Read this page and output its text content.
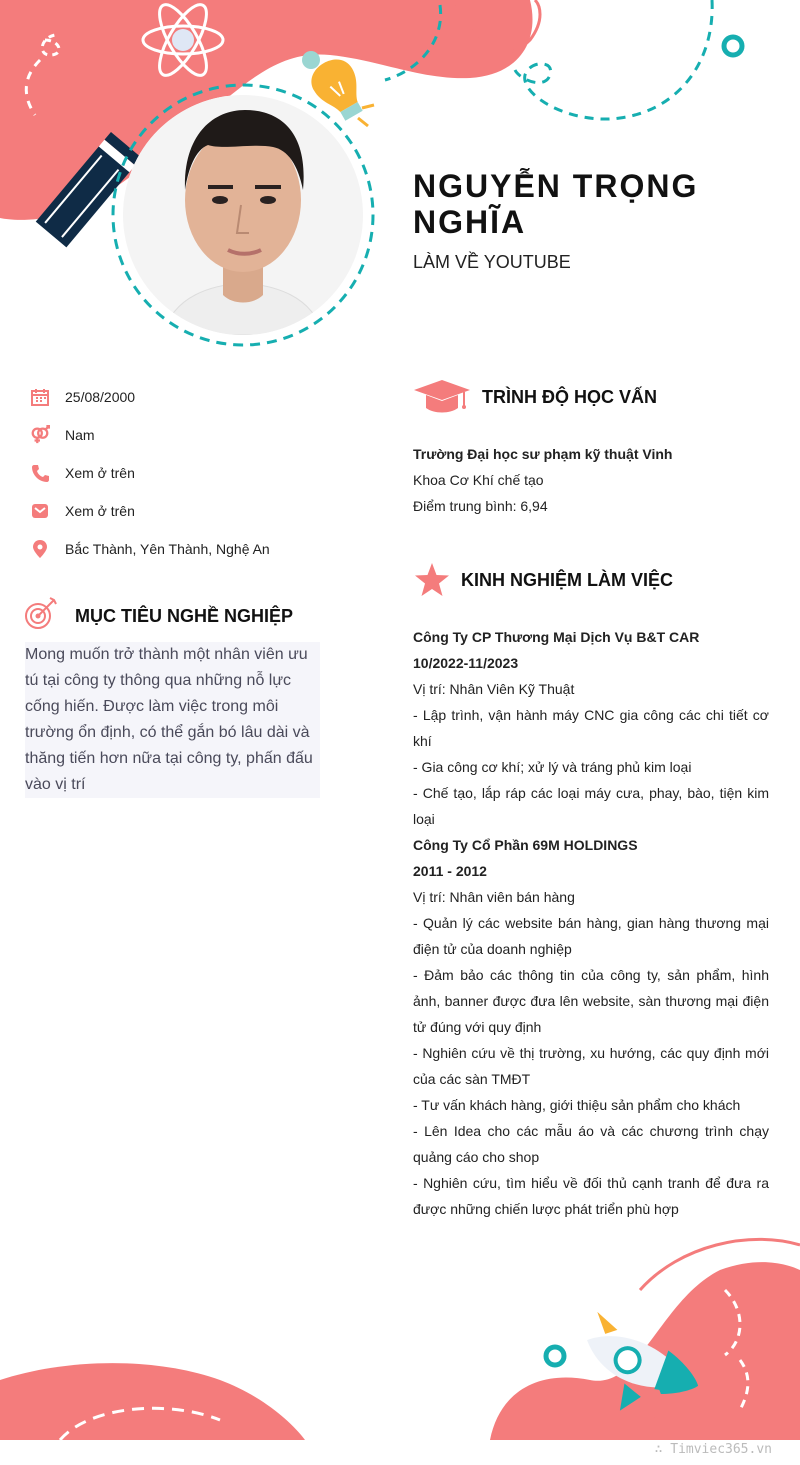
NGUYỄN TRỌNG NGHĨA
LÀM VỀ YOUTUBE
25/08/2000
Nam
Xem ở trên
Xem ở trên
Bắc Thành, Yên Thành, Nghệ An
MỤC TIÊU NGHỀ NGHIỆP
Mong muốn trở thành một nhân viên ưu tú tại công ty thông qua những nỗ lực cống hiến. Được làm việc trong môi trường ổn định, có thể gắn bó lâu dài và thăng tiến hơn nữa tại công ty, phấn đấu vào vị trí
TRÌNH ĐỘ HỌC VẤN
Trường Đại học sư phạm kỹ thuật Vinh
Khoa Cơ Khí chế tạo
Điểm trung bình: 6,94
KINH NGHIỆM LÀM VIỆC
Công Ty CP Thương Mại Dịch Vụ B&T CAR
10/2022-11/2023
Vị trí: Nhân Viên Kỹ Thuật
- Lập trình, vận hành máy CNC gia công các chi tiết cơ khí
- Gia công cơ khí; xử lý và tráng phủ kim loại
- Chế tạo, lắp ráp các loại máy cưa, phay, bào, tiện kim loại
Công Ty Cổ Phần 69M HOLDINGS
2011 - 2012
Vị trí: Nhân viên bán hàng
- Quản lý các website bán hàng, gian hàng thương mại điện tử của doanh nghiệp
- Đảm bảo các thông tin của công ty, sản phẩm, hình ảnh, banner được đưa lên website, sàn thương mại điện tử đúng với quy định
- Nghiên cứu về thị trường, xu hướng, các quy định mới của các sàn TMĐT
- Tư vấn khách hàng, giới thiệu sản phẩm cho khách
- Lên Idea cho các mẫu áo và các chương trình chạy quảng cáo cho shop
- Nghiên cứu, tìm hiểu về đối thủ cạnh tranh để đưa ra được những chiến lược phát triển phù hợp
∴ Timviec365.vn
